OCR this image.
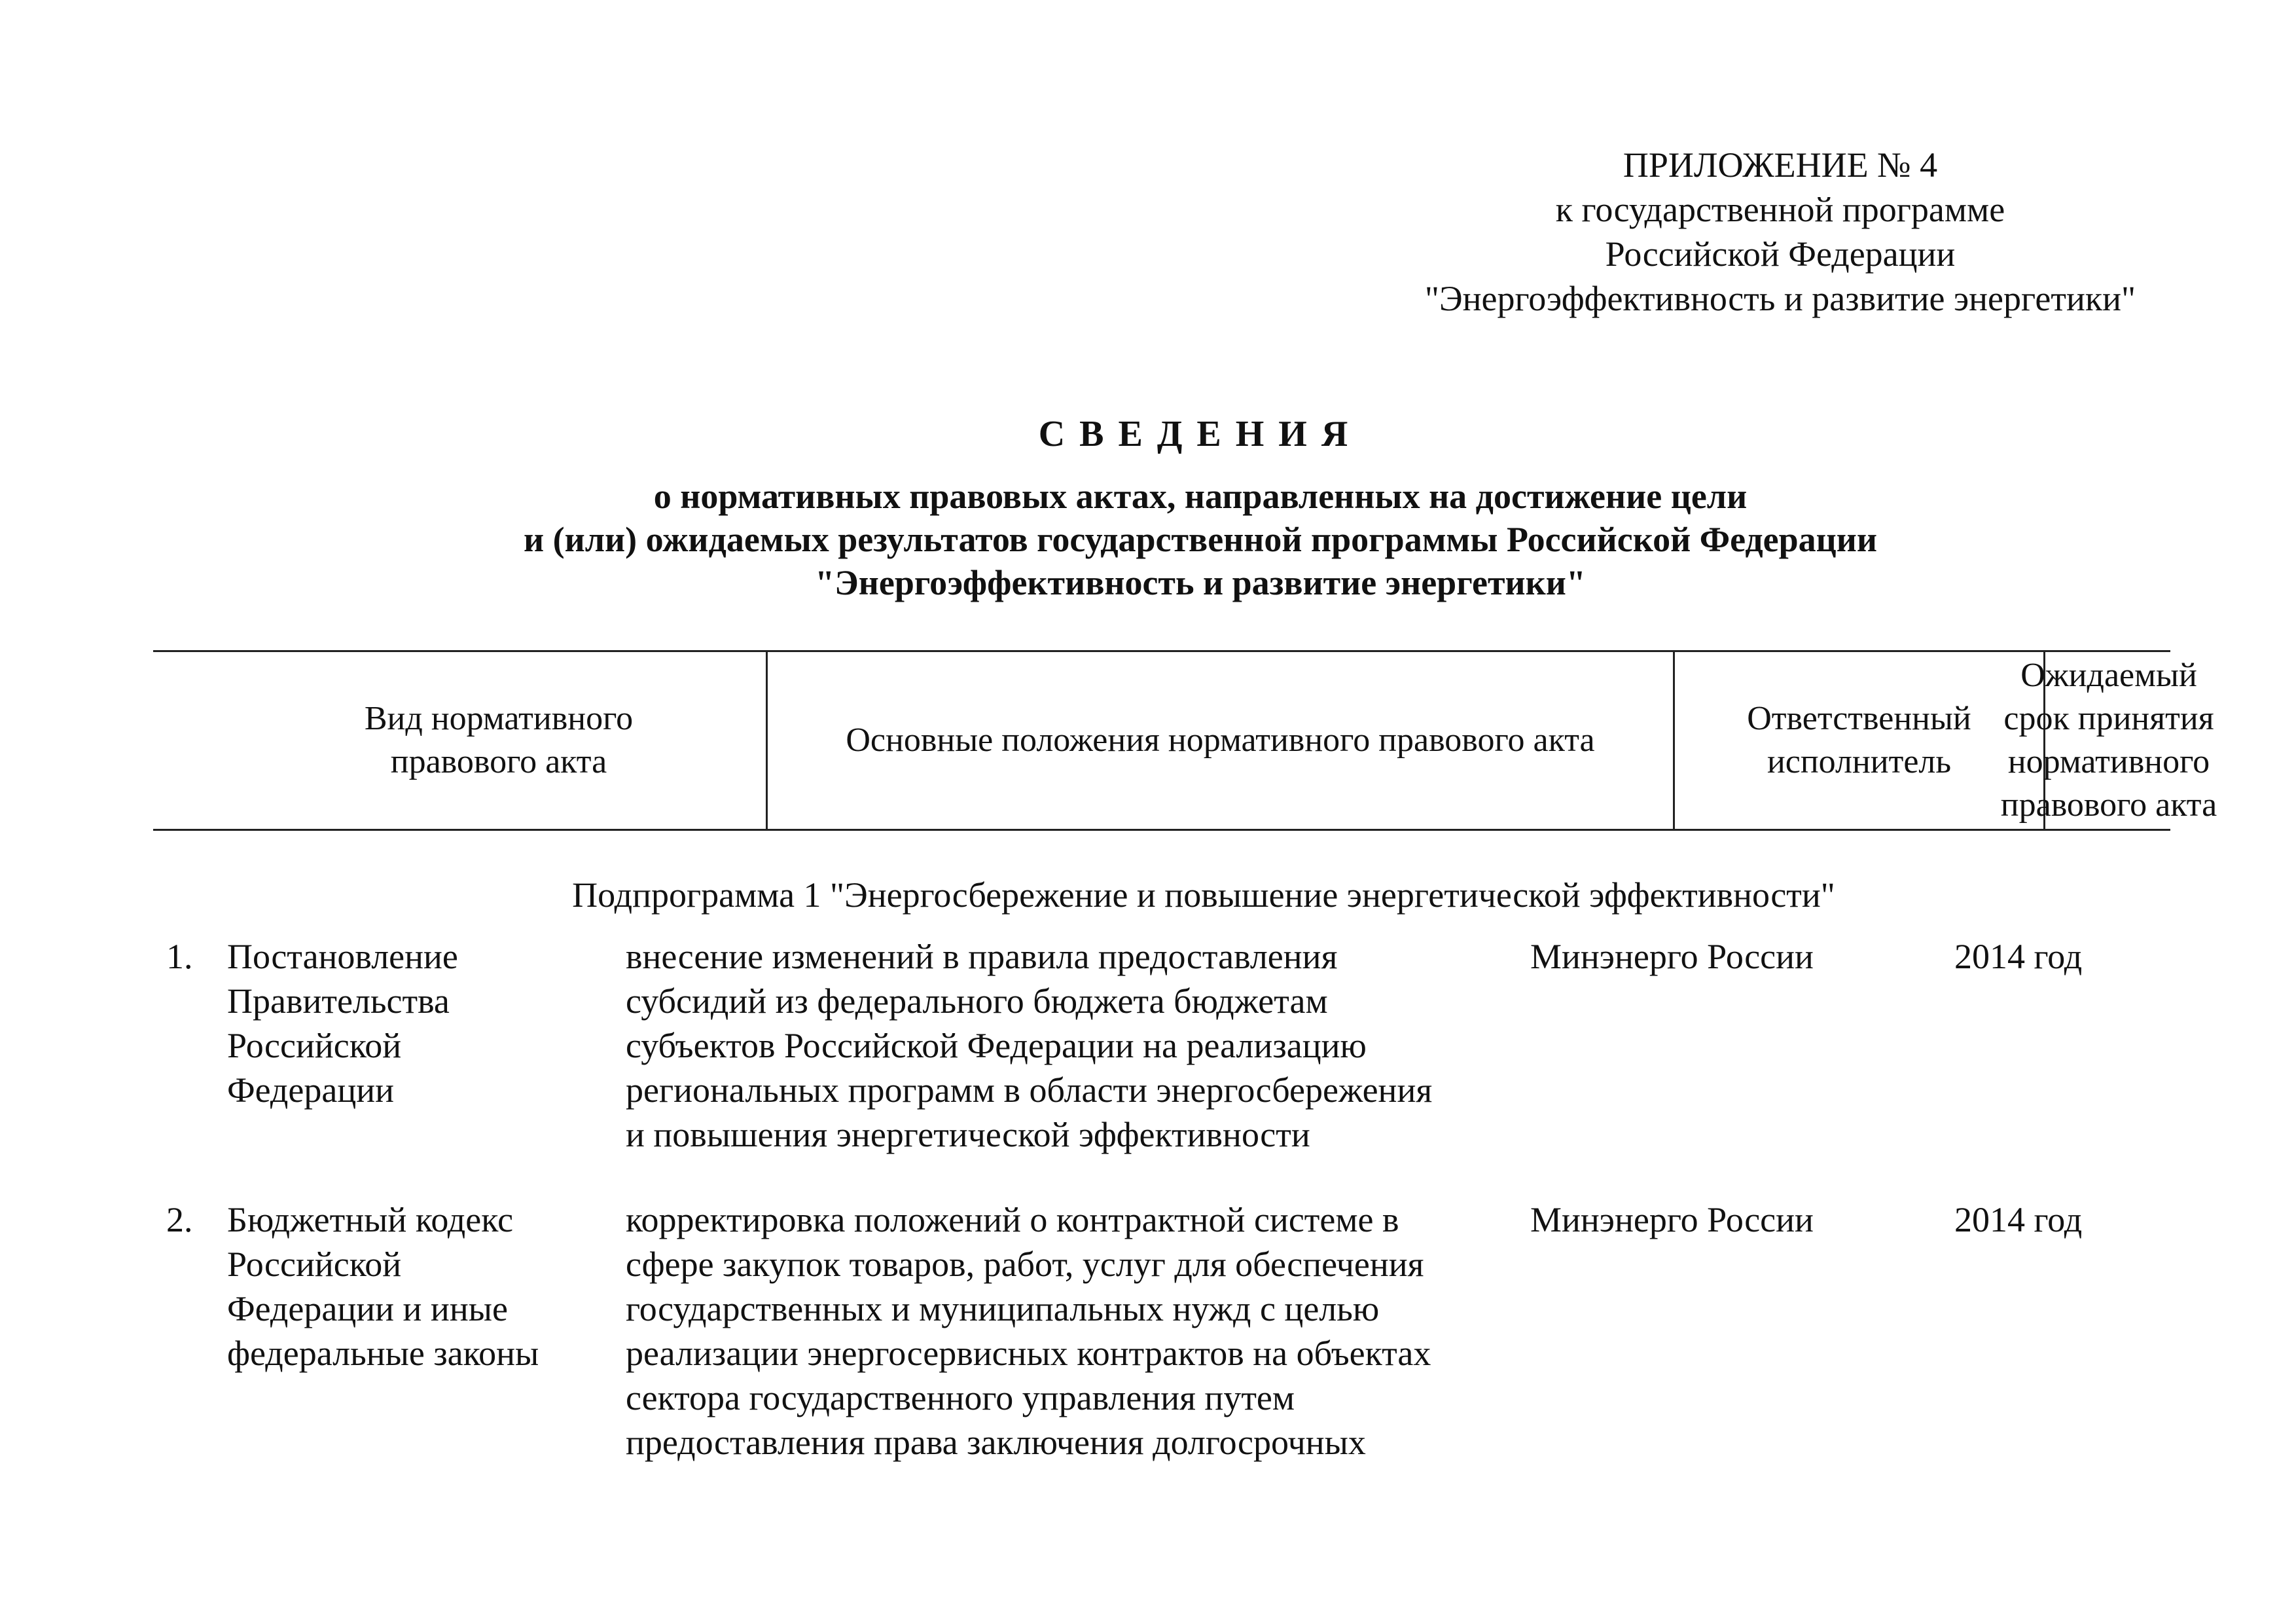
ПРИЛОЖЕНИЕ № 4
к государственной программе
Российской Федерации
"Энергоэффективность и развитие энергетики"
СВЕДЕНИЯ
о нормативных правовых актах, направленных на достижение цели
и (или) ожидаемых результатов государственной программы Российской Федерации
"Энергоэффективность и развитие энергетики"
Вид нормативного
правового акта
Основные положения нормативного правового акта
Ответственный
исполнитель
Ожидаемый
срок принятия
нормативного
правового акта
Подпрограмма 1 "Энергосбережение и повышение энергетической эффективности"
1. Постановление
Правительства
Российской
Федерации
внесение изменений в правила предоставления
субсидий из федерального бюджета бюджетам
субъектов Российской Федерации на реализацию
региональных программ в области энергосбережения
и повышения энергетической эффективности
Минэнерго России	2014 год
2. Бюджетный кодекс
Российской
Федерации и иные
федеральные законы
корректировка положений о контрактной системе в
сфере закупок товаров, работ, услуг для обеспечения
государственных и муниципальных нужд с целью
реализации энергосервисных контрактов на объектах
сектора государственного управления путем
предоставления права заключения долгосрочных
Минэнерго России	2014 год
